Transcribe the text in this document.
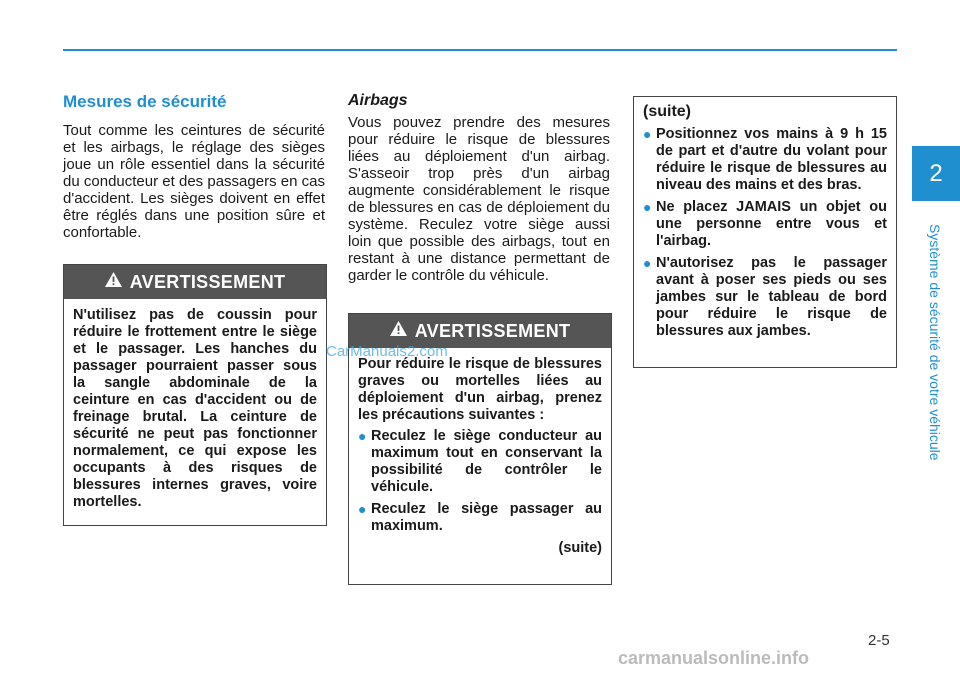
2
Système de sécurité de votre véhicule
Mesures de sécurité

Tout comme les ceintures de sécurité et les airbags, le réglage des sièges joue un rôle essentiel dans la sécurité du conducteur et des passagers en cas d'accident. Les sièges doivent en effet être réglés dans une position sûre et confortable.

AVERTISSEMENT

N'utilisez pas de coussin pour réduire le frottement entre le siège et le passager. Les hanches du passager pourraient passer sous la sangle abdominale de la ceinture en cas d'accident ou de freinage brutal. La ceinture de sécurité ne peut pas fonctionner normalement, ce qui expose les occupants à des risques de blessures internes graves, voire mortelles.

Airbags

Vous pouvez prendre des mesures pour réduire le risque de blessures liées au déploiement d'un airbag. S'asseoir trop près d'un airbag augmente considérablement le risque de blessures en cas de déploiement du système. Reculez votre siège aussi loin que possible des airbags, tout en restant à une distance permettant de garder le contrôle du véhicule.

AVERTISSEMENT

Pour réduire le risque de blessures graves ou mortelles liées au déploiement d'un airbag, prenez les précautions suivantes :

● Reculez le siège conducteur au maximum tout en conservant la possibilité de contrôler le véhicule.
● Reculez le siège passager au maximum.
(suite)
(suite)
● Positionnez vos mains à 9 h 15 de part et d'autre du volant pour réduire le risque de blessures au niveau des mains et des bras.
● Ne placez JAMAIS un objet ou une personne entre vous et l'airbag.
● N'autorisez pas le passager avant à poser ses pieds ou ses jambes sur le tableau de bord pour réduire le risque de blessures aux jambes.
2-5
CarManuals2.com
carmanualsonline.info
